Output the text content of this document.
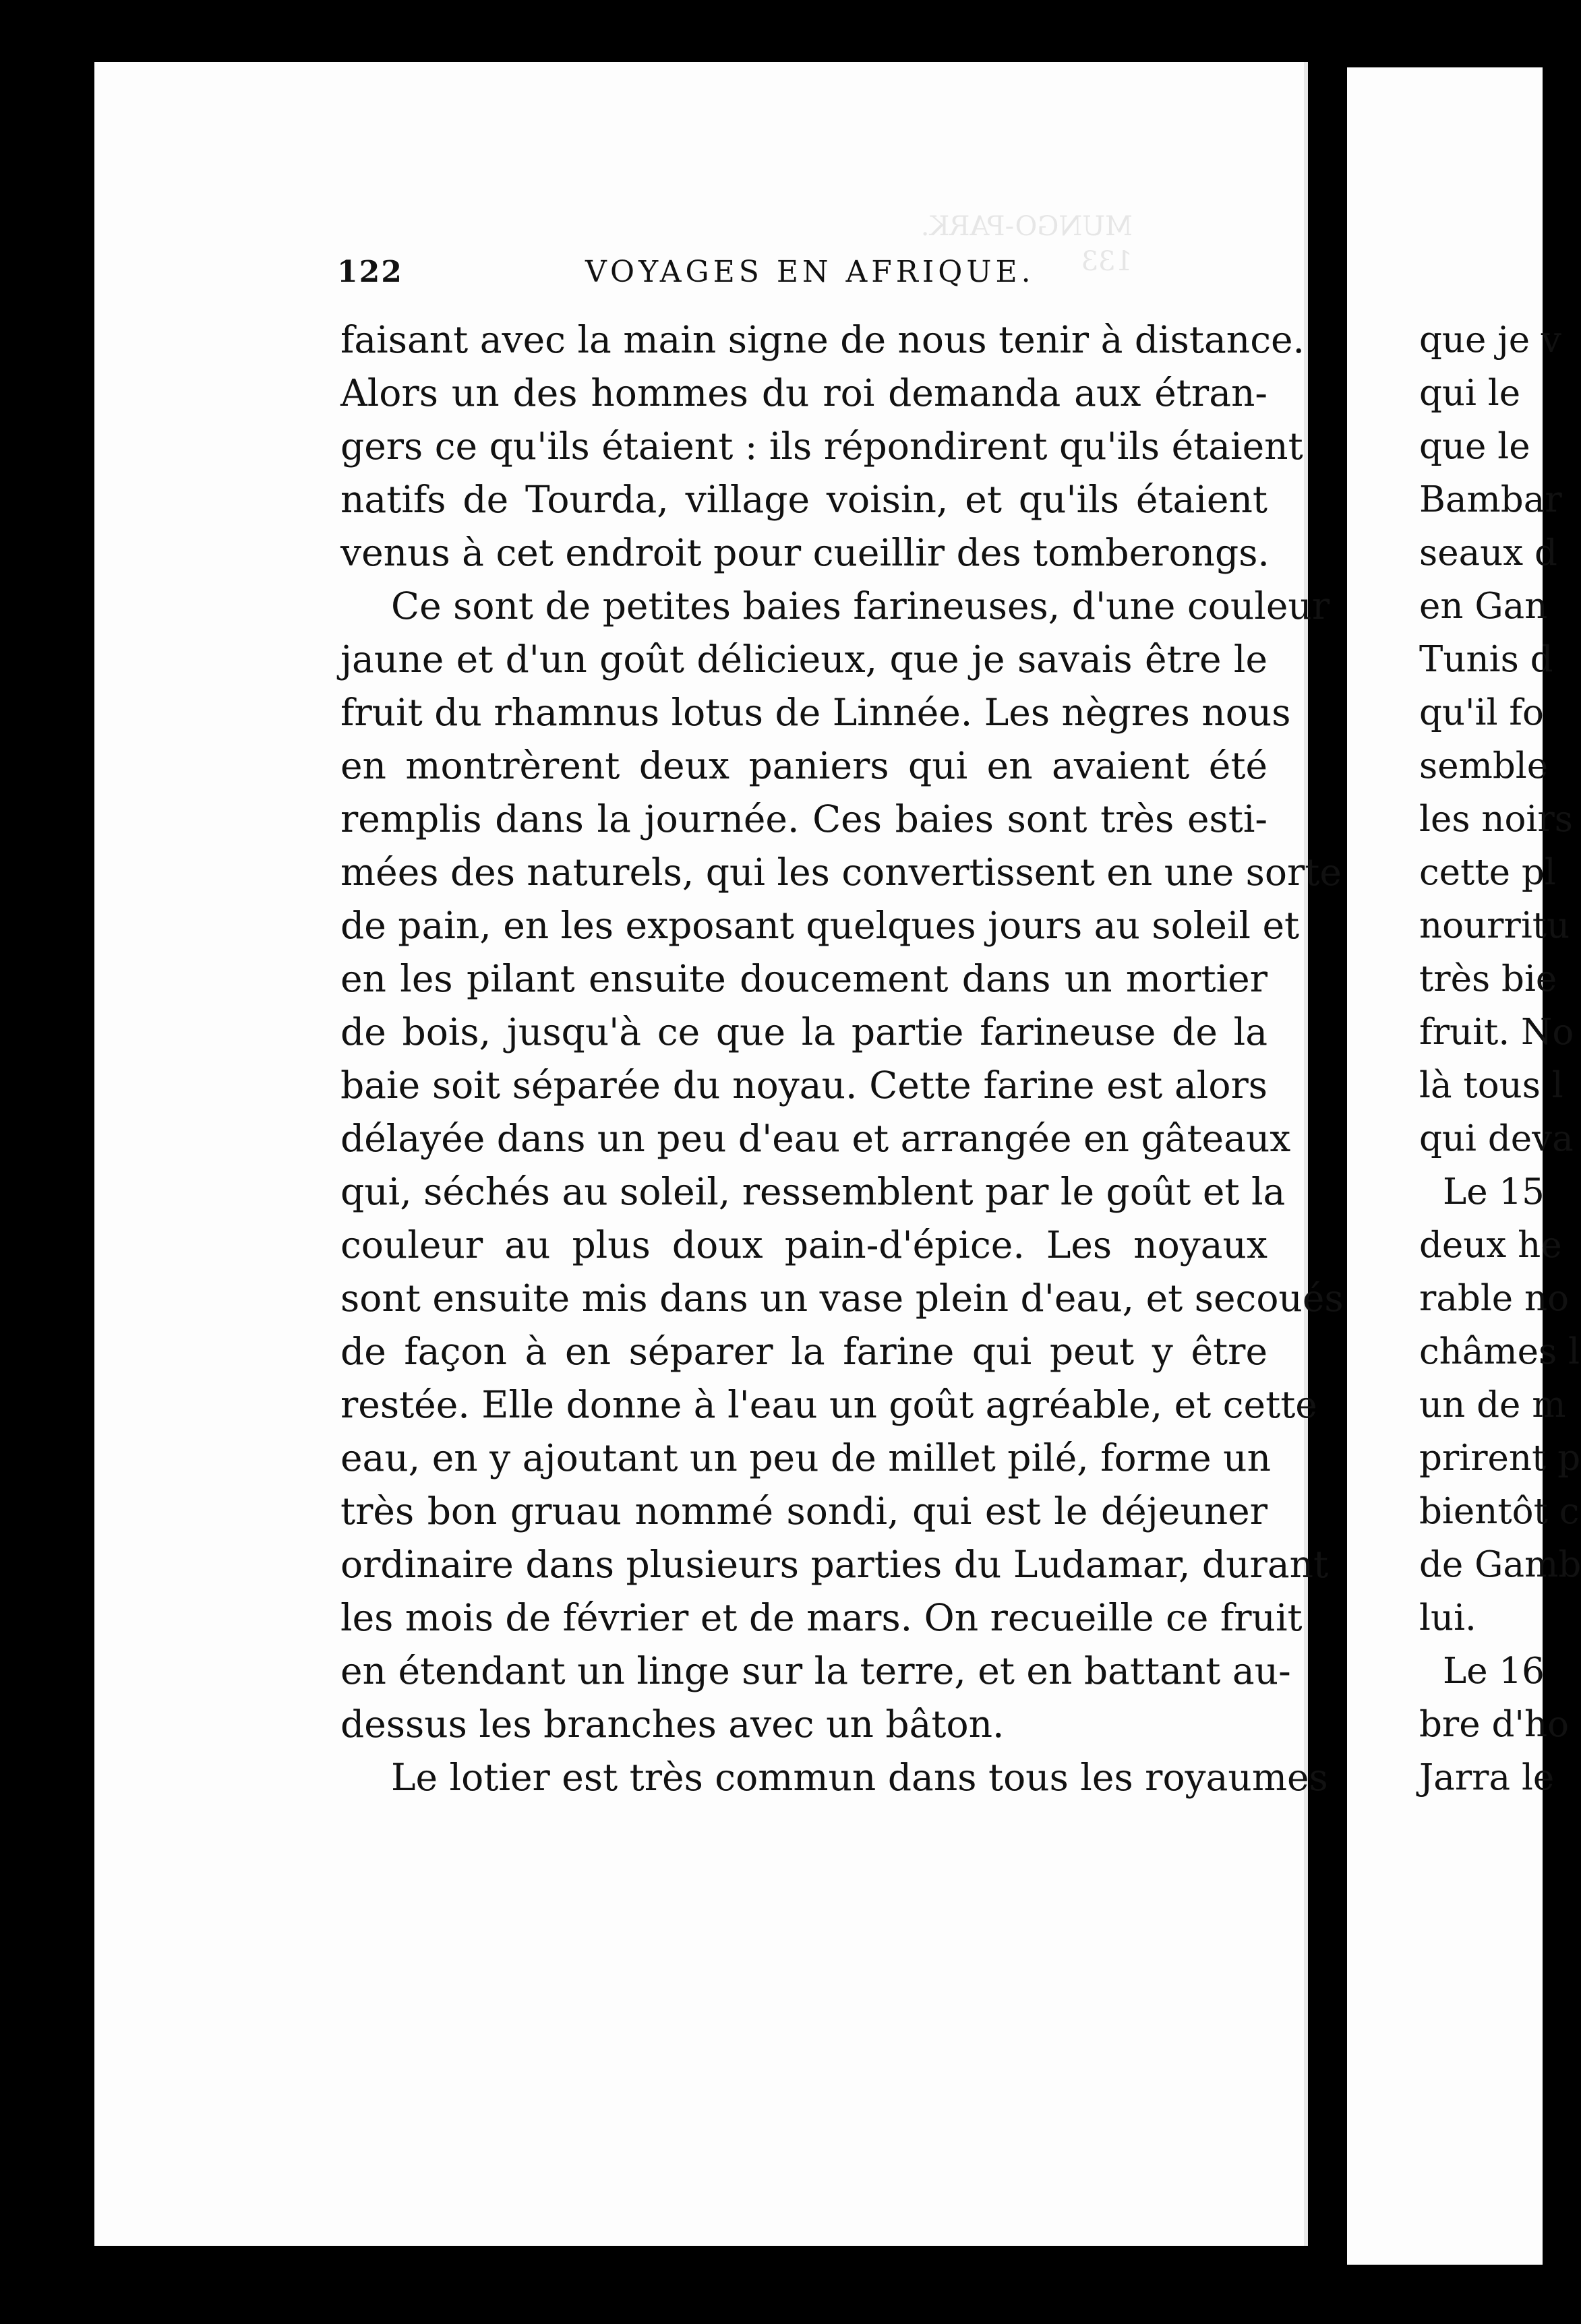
MUNGO-PARK.
133
122	VOYAGES EN AFRIQUE.
faisant avec la main signe de nous tenir à distance.
Alors un des hommes du roi demanda aux étran-
gers ce qu'ils étaient : ils répondirent qu'ils étaient
natifs de Tourda, village voisin, et qu'ils étaient
venus à cet endroit pour cueillir des tomberongs.
Ce sont de petites baies farineuses, d'une couleur
jaune et d'un goût délicieux, que je savais être le
fruit du rhamnus lotus de Linnée. Les nègres nous
en montrèrent deux paniers qui en avaient été
remplis dans la journée. Ces baies sont très esti-
mées des naturels, qui les convertissent en une sorte
de pain, en les exposant quelques jours au soleil et
en les pilant ensuite doucement dans un mortier
de bois, jusqu'à ce que la partie farineuse de la
baie soit séparée du noyau. Cette farine est alors
délayée dans un peu d'eau et arrangée en gâteaux
qui, séchés au soleil, ressemblent par le goût et la
couleur au plus doux pain-d'épice. Les noyaux
sont ensuite mis dans un vase plein d'eau, et secoués
de façon à en séparer la farine qui peut y être
restée. Elle donne à l'eau un goût agréable, et cette
eau, en y ajoutant un peu de millet pilé, forme un
très bon gruau nommé sondi, qui est le déjeuner
ordinaire dans plusieurs parties du Ludamar, durant
les mois de février et de mars. On recueille ce fruit
en étendant un linge sur la terre, et en battant au-
dessus les branches avec un bâton.
Le lotier est très commun dans tous les royaumes
que je v
qui le
que le
Bambar
seaux d
en Gan
Tunis d
qu'il fo
semble
les noirs
cette pl
nourritu
très bie
fruit. No
là tous l
qui deva
Le 15
deux he
rable no
châmes l
un de m
prirent p
bientôt c
de Gamb
lui.
Le 16
bre d'ho
Jarra le
